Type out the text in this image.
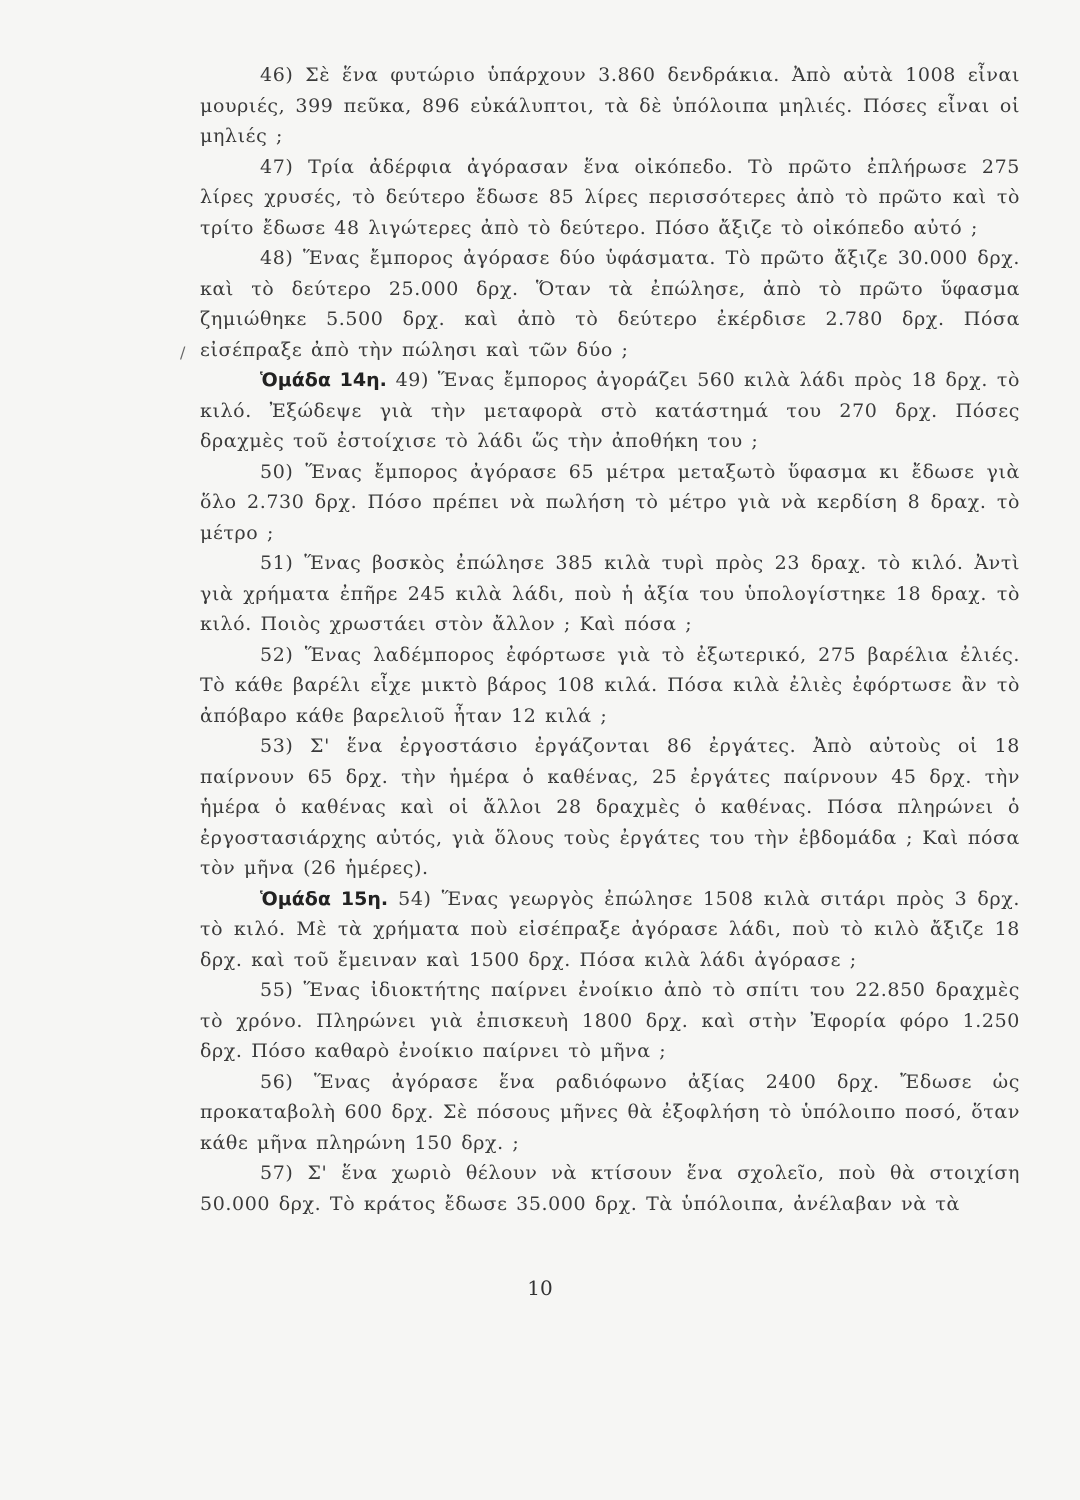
46) Σὲ ἕνα φυτώριο ὑπάρχουν 3.860 δενδράκια. Ἀπὸ αὐτὰ 1008 εἶναι μουριές, 399 πεῦκα, 896 εὐκάλυπτοι, τὰ δὲ ὑπόλοιπα μηλιές. Πόσες εἶναι οἱ μηλιές ;

47) Τρία ἀδέρφια ἀγόρασαν ἕνα οἰκόπεδο. Τὸ πρῶτο ἐπλήρωσε 275 λίρες χρυσές, τὸ δεύτερο ἔδωσε 85 λίρες περισσότερες ἀπὸ τὸ πρῶτο καὶ τὸ τρίτο ἔδωσε 48 λιγώτερες ἀπὸ τὸ δεύτερο. Πόσο ἄξιζε τὸ οἰκόπεδο αὐτό ;

48) Ἕνας ἔμπορος ἀγόρασε δύο ὑφάσματα. Τὸ πρῶτο ἄξιζε 30.000 δρχ. καὶ τὸ δεύτερο 25.000 δρχ. Ὅταν τὰ ἐπώλησε, ἀπὸ τὸ πρῶτο ὕφασμα ζημιώθηκε 5.500 δρχ. καὶ ἀπὸ τὸ δεύτερο ἐκέρδισε 2.780 δρχ. Πόσα εἰσέπραξε ἀπὸ τὴν πώλησι καὶ τῶν δύο ;

Ὁμάδα 14η. 49) Ἕνας ἔμπορος ἀγοράζει 560 κιλὰ λάδι πρὸς 18 δρχ. τὸ κιλό. Ἐξώδεψε γιὰ τὴν μεταφορὰ στὸ κατάστημά του 270 δρχ. Πόσες δραχμὲς τοῦ ἐστοίχισε τὸ λάδι ὥς τὴν ἀποθήκη του ;

50) Ἕνας ἔμπορος ἀγόρασε 65 μέτρα μεταξωτὸ ὕφασμα κι ἔδωσε γιὰ ὅλο 2.730 δρχ. Πόσο πρέπει νὰ πωλήση τὸ μέτρο γιὰ νὰ κερδίση 8 δραχ. τὸ μέτρο ;

51) Ἕνας βοσκὸς ἐπώλησε 385 κιλὰ τυρὶ πρὸς 23 δραχ. τὸ κιλό. Ἀντὶ γιὰ χρήματα ἐπῆρε 245 κιλὰ λάδι, ποὺ ἡ ἀξία του ὑπολογίστηκε 18 δραχ. τὸ κιλό. Ποιὸς χρωστάει στὸν ἄλλον ; Καὶ πόσα ;

52) Ἕνας λαδέμπορος ἐφόρτωσε γιὰ τὸ ἐξωτερικό, 275 βαρέλια ἐλιές. Τὸ κάθε βαρέλι εἶχε μικτὸ βάρος 108 κιλά. Πόσα κιλὰ ἐλιὲς ἐφόρτωσε ἂν τὸ ἀπόβαρο κάθε βαρελιοῦ ἦταν 12 κιλά ;

53) Σ' ἕνα ἐργοστάσιο ἐργάζονται 86 ἐργάτες. Ἀπὸ αὐτοὺς οἱ 18 παίρνουν 65 δρχ. τὴν ἡμέρα ὁ καθένας, 25 ἐργάτες παίρνουν 45 δρχ. τὴν ἡμέρα ὁ καθένας καὶ οἱ ἄλλοι 28 δραχμὲς ὁ καθένας. Πόσα πληρώνει ὁ ἐργοστασιάρχης αὐτός, γιὰ ὅλους τοὺς ἐργάτες του τὴν ἑβδομάδα ; Καὶ πόσα τὸν μῆνα (26 ἡμέρες).

Ὁμάδα 15η. 54) Ἕνας γεωργὸς ἐπώλησε 1508 κιλὰ σιτάρι πρὸς 3 δρχ. τὸ κιλό. Μὲ τὰ χρήματα ποὺ εἰσέπραξε ἀγόρασε λάδι, ποὺ τὸ κιλὸ ἄξιζε 18 δρχ. καὶ τοῦ ἔμειναν καὶ 1500 δρχ. Πόσα κιλὰ λάδι ἀγόρασε ;

55) Ἕνας ἰδιοκτήτης παίρνει ἐνοίκιο ἀπὸ τὸ σπίτι του 22.850 δραχμὲς τὸ χρόνο. Πληρώνει γιὰ ἐπισκευὴ 1800 δρχ. καὶ στὴν Ἐφορία φόρο 1.250 δρχ. Πόσο καθαρὸ ἐνοίκιο παίρνει τὸ μῆνα ;

56) Ἕνας ἀγόρασε ἕνα ραδιόφωνο ἀξίας 2400 δρχ. Ἔδωσε ὡς προκαταβολὴ 600 δρχ. Σὲ πόσους μῆνες θὰ ἐξοφλήση τὸ ὑπόλοιπο ποσό, ὅταν κάθε μῆνα πληρώνη 150 δρχ. ;

57) Σ' ἕνα χωριὸ θέλουν νὰ κτίσουν ἕνα σχολεῖο, ποὺ θὰ στοιχίση 50.000 δρχ. Τὸ κράτος ἔδωσε 35.000 δρχ. Τὰ ὑπόλοιπα, ἀνέλαβαν νὰ τὰ

/
10
